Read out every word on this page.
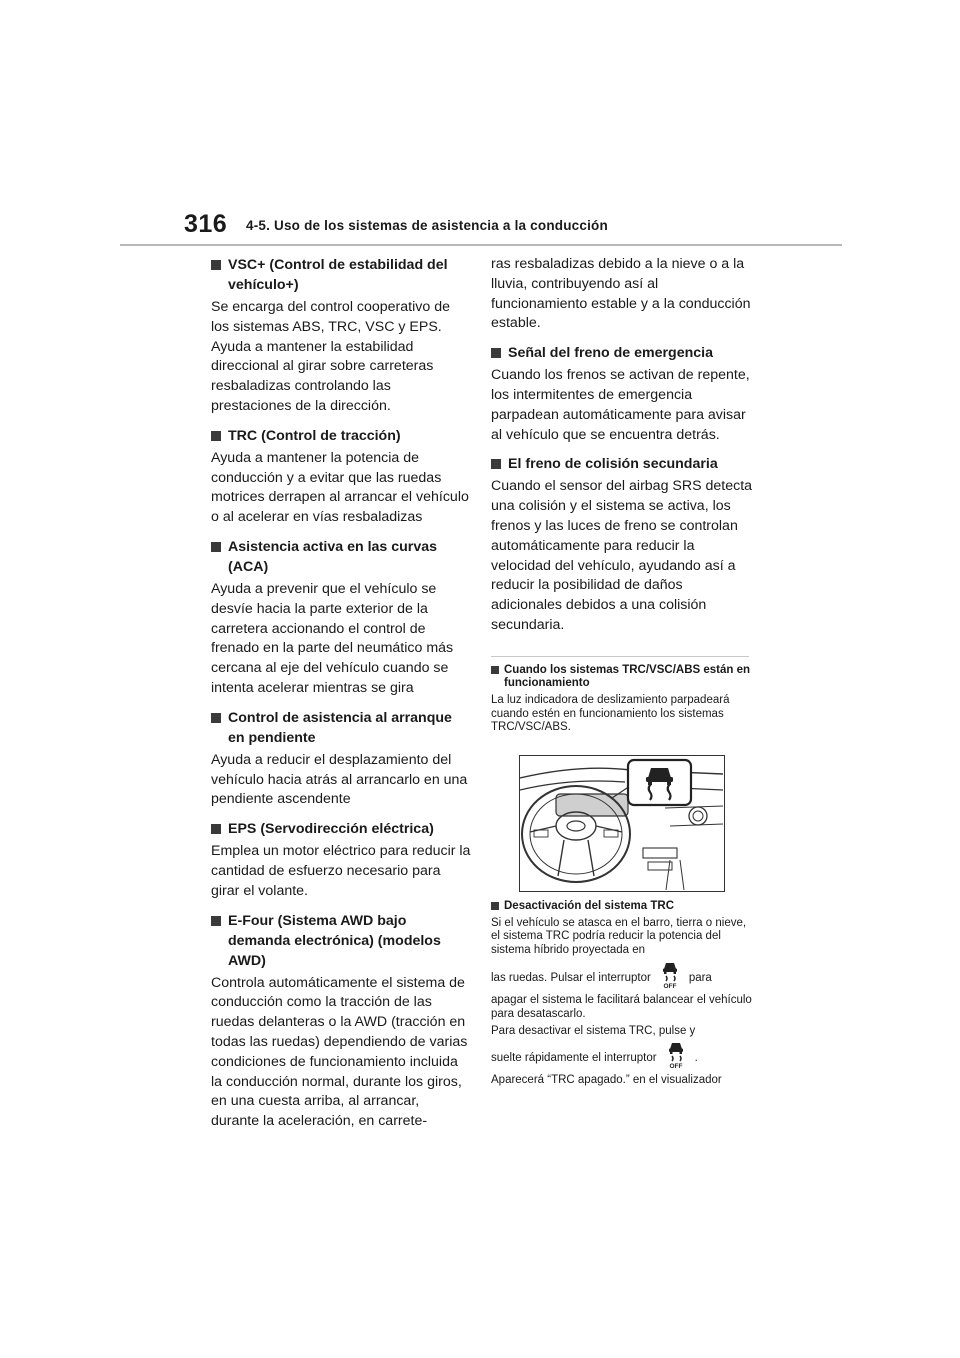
316 4-5. Uso de los sistemas de asistencia a la conducción
VSC+ (Control de estabilidad del vehículo+)
Se encarga del control cooperativo de los sistemas ABS, TRC, VSC y EPS. Ayuda a mantener la estabilidad direccional al girar sobre carreteras resbaladizas controlando las prestaciones de la dirección.
TRC (Control de tracción)
Ayuda a mantener la potencia de conducción y a evitar que las ruedas motrices derrapen al arrancar el vehículo o al acelerar en vías resbaladizas
Asistencia activa en las curvas (ACA)
Ayuda a prevenir que el vehículo se desvíe hacia la parte exterior de la carretera accionando el control de frenado en la parte del neumático más cercana al eje del vehículo cuando se intenta acelerar mientras se gira
Control de asistencia al arranque en pendiente
Ayuda a reducir el desplazamiento del vehículo hacia atrás al arrancarlo en una pendiente ascendente
EPS (Servodirección eléctrica)
Emplea un motor eléctrico para reducir la cantidad de esfuerzo necesario para girar el volante.
E-Four (Sistema AWD bajo demanda electrónica) (modelos AWD)
Controla automáticamente el sistema de conducción como la tracción de las ruedas delanteras o la AWD (tracción en todas las ruedas) dependiendo de varias condiciones de funcionamiento incluida la conducción normal, durante los giros, en una cuesta arriba, al arrancar, durante la aceleración, en carrete-
ras resbaladizas debido a la nieve o a la lluvia, contribuyendo así al funcionamiento estable y a la conducción estable.
Señal del freno de emergencia
Cuando los frenos se activan de repente, los intermitentes de emergencia parpadean automáticamente para avisar al vehículo que se encuentra detrás.
El freno de colisión secundaria
Cuando el sensor del airbag SRS detecta una colisión y el sistema se activa, los frenos y las luces de freno se controlan automáticamente para reducir la velocidad del vehículo, ayudando así a reducir la posibilidad de daños adicionales debidos a una colisión secundaria.
Cuando los sistemas TRC/VSC/ABS están en funcionamiento
La luz indicadora de deslizamiento parpadeará cuando estén en funcionamiento los sistemas TRC/VSC/ABS.
Desactivación del sistema TRC
Si el vehículo se atasca en el barro, tierra o nieve, el sistema TRC podría reducir la potencia del sistema híbrido proyectada en
las ruedas. Pulsar el interruptor
OFF
para
apagar el sistema le facilitará balancear el vehículo para desatascarlo.
Para desactivar el sistema TRC, pulse y
suelte rápidamente el interruptor
OFF
.
Aparecerá “TRC apagado.” en el visualizador
